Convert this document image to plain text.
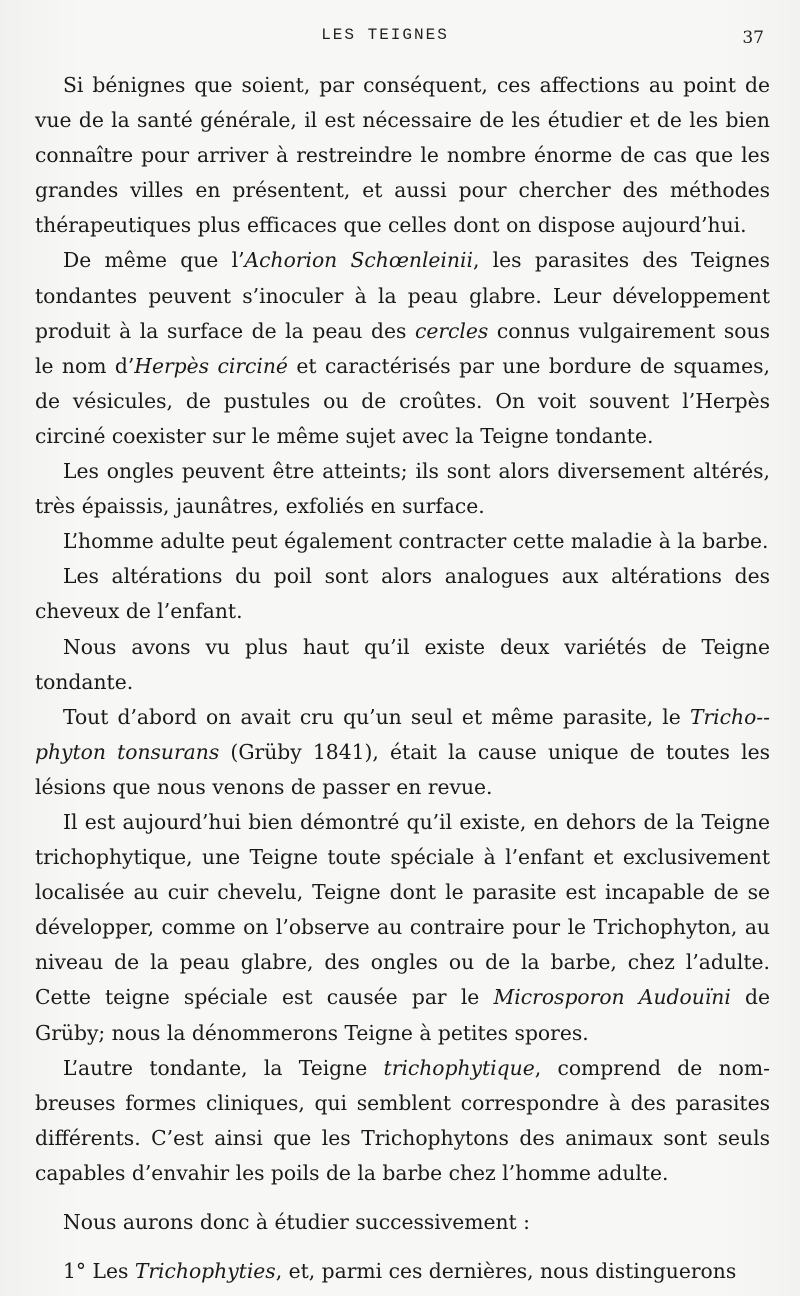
LES TEIGNES	37

Si bénignes que soient, par conséquent, ces affections au point de vue de la santé générale, il est nécessaire de les étudier et de les bien connaître pour arriver à restreindre le nombre énorme de cas que les grandes villes en présentent, et aussi pour chercher des méthodes thérapeutiques plus efficaces que celles dont on dispose aujourd’hui.

De même que l’Achorion Schœnleinii, les parasites des Teignes tondantes peuvent s’inoculer à la peau glabre. Leur développement produit à la surface de la peau des cercles connus vulgairement sous le nom d’Herpès circiné et caractérisés par une bordure de squames, de vésicules, de pustules ou de croûtes. On voit souvent l’Herpès circiné coexister sur le même sujet avec la Teigne tondante.

Les ongles peuvent être atteints; ils sont alors diversement altérés, très épaissis, jaunâtres, exfoliés en surface.

L’homme adulte peut également contracter cette maladie à la barbe.

Les altérations du poil sont alors analogues aux altérations des cheveux de l’enfant.

Nous avons vu plus haut qu’il existe deux variétés de Teigne tondante.

Tout d’abord on avait cru qu’un seul et même parasite, le Tricho-phyton tonsurans (Grüby 1841), était la cause unique de toutes les lésions que nous venons de passer en revue.

Il est aujourd’hui bien démontré qu’il existe, en dehors de la Teigne trichophytique, une Teigne toute spéciale à l’enfant et exclusivement localisée au cuir chevelu, Teigne dont le parasite est incapable de se développer, comme on l’observe au contraire pour le Trichophyton, au niveau de la peau glabre, des ongles ou de la barbe, chez l’adulte. Cette teigne spéciale est causée par le Microsporon Audouïni de Grüby; nous la dénommerons Teigne à petites spores.

L’autre tondante, la Teigne trichophytique, comprend de nombreuses formes cliniques, qui semblent correspondre à des parasites différents. C’est ainsi que les Trichophytons des animaux sont seuls capables d’envahir les poils de la barbe chez l’homme adulte.

Nous aurons donc à étudier successivement :

1° Les Trichophyties, et, parmi ces dernières, nous distinguerons
